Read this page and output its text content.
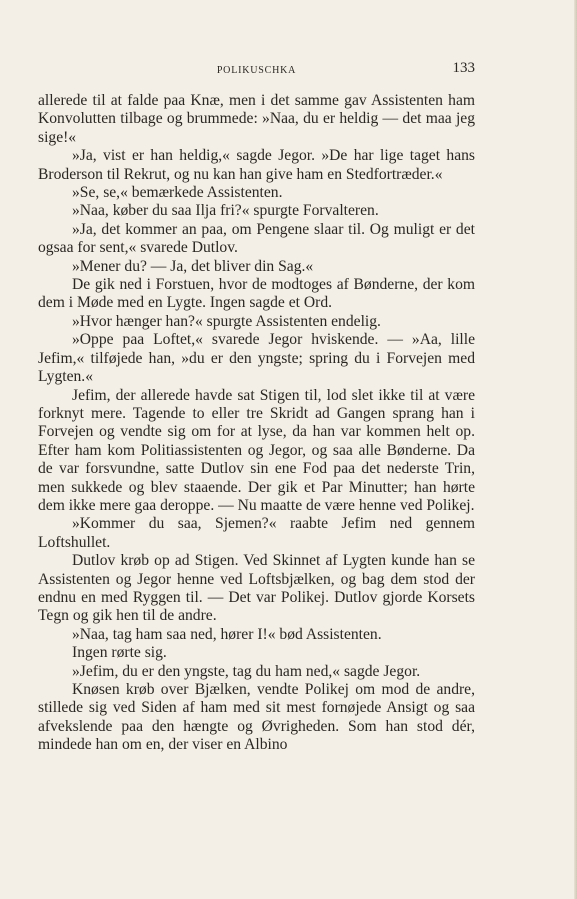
POLIKUSCHKA	133

allerede til at falde paa Knæ, men i det samme gav Assistenten ham Konvolutten tilbage og brummede: »Naa, du er heldig — det maa jeg sige!«

»Ja, vist er han heldig,« sagde Jegor. »De har lige taget hans Broderson til Rekrut, og nu kan han give ham en Stedfortræder.«

»Se, se,« bemærkede Assistenten.

»Naa, køber du saa Ilja fri?« spurgte Forvalteren.

»Ja, det kommer an paa, om Pengene slaar til. Og muligt er det ogsaa for sent,« svarede Dutlov.

»Mener du? — Ja, det bliver din Sag.«

De gik ned i Forstuen, hvor de modtoges af Bønderne, der kom dem i Møde med en Lygte. Ingen sagde et Ord.

»Hvor hænger han?« spurgte Assistenten endelig.

»Oppe paa Loftet,« svarede Jegor hviskende. — »Aa, lille Jefim,« tilføjede han, »du er den yngste; spring du i Forvejen med Lygten.«

Jefim, der allerede havde sat Stigen til, lod slet ikke til at være forknyt mere. Tagende to eller tre Skridt ad Gangen sprang han i Forvejen og vendte sig om for at lyse, da han var kommen helt op. Efter ham kom Politiassistenten og Jegor, og saa alle Bønderne. Da de var forsvundne, satte Dutlov sin ene Fod paa det nederste Trin, men sukkede og blev staaende. Der gik et Par Minutter; han hørte dem ikke mere gaa deroppe. — Nu maatte de være henne ved Polikej.

»Kommer du saa, Sjemen?« raabte Jefim ned gennem Loftshullet.

Dutlov krøb op ad Stigen. Ved Skinnet af Lygten kunde han se Assistenten og Jegor henne ved Loftsbjælken, og bag dem stod der endnu en med Ryggen til. — Det var Polikej. Dutlov gjorde Korsets Tegn og gik hen til de andre.

»Naa, tag ham saa ned, hører I!« bød Assistenten.

Ingen rørte sig.

»Jefim, du er den yngste, tag du ham ned,« sagde Jegor.

Knøsen krøb over Bjælken, vendte Polikej om mod de andre, stillede sig ved Siden af ham med sit mest fornøjede Ansigt og saa afvekslende paa den hængte og Øvrigheden. Som han stod dér, mindede han om en, der viser en Albino
